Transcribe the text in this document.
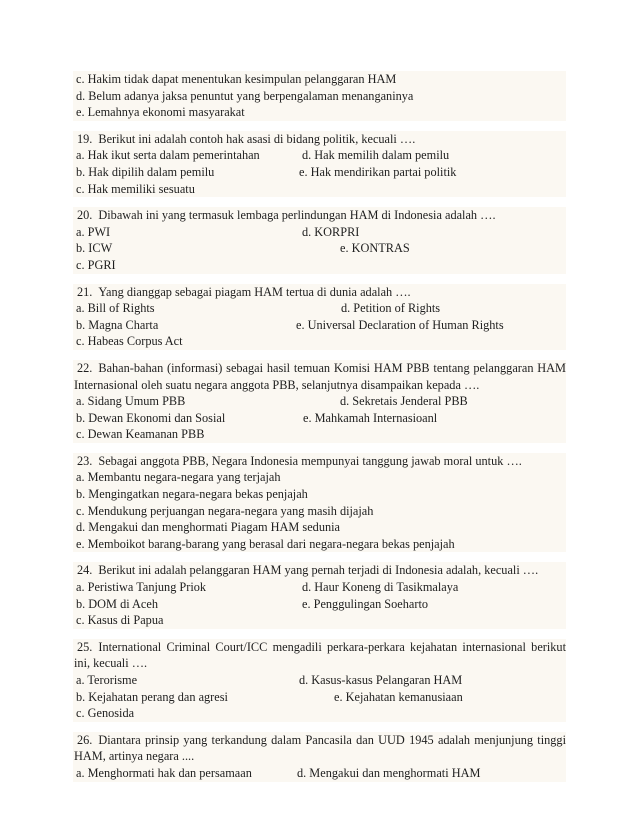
c. Hakim tidak dapat menentukan kesimpulan pelanggaran HAM
d. Belum adanya jaksa penuntut yang berpengalaman menanganinya
e. Lemahnya ekonomi masyarakat
19. Berikut ini adalah contoh hak asasi di bidang politik, kecuali ….
a. Hak ikut serta dalam pemerintahan	d. Hak memilih dalam pemilu
b. Hak dipilih dalam pemilu	e. Hak mendirikan partai politik
c. Hak memiliki sesuatu
20. Dibawah ini yang termasuk lembaga perlindungan HAM di Indonesia adalah ….
a. PWI	d. KORPRI
b. ICW	e. KONTRAS
c. PGRI
21. Yang dianggap sebagai piagam HAM tertua di dunia adalah ….
a. Bill of Rights	d. Petition of Rights
b. Magna Charta	e. Universal Declaration of Human Rights
c. Habeas Corpus Act
22. Bahan-bahan (informasi) sebagai hasil temuan Komisi HAM PBB tentang pelanggaran HAM Internasional oleh suatu negara anggota PBB, selanjutnya disampaikan kepada ….
a. Sidang Umum PBB	d. Sekretais Jenderal PBB
b. Dewan Ekonomi dan Sosial	e. Mahkamah Internasioanl
c. Dewan Keamanan PBB
23. Sebagai anggota PBB, Negara Indonesia mempunyai tanggung jawab moral untuk ….
a. Membantu negara-negara yang terjajah
b. Mengingatkan negara-negara bekas penjajah
c. Mendukung perjuangan negara-negara yang masih dijajah
d. Mengakui dan menghormati Piagam HAM sedunia
e. Memboikot barang-barang yang berasal dari negara-negara bekas penjajah
24. Berikut ini adalah pelanggaran HAM yang pernah terjadi di Indonesia adalah, kecuali ….
a. Peristiwa Tanjung Priok	d. Haur Koneng di Tasikmalaya
b. DOM di Aceh	e. Penggulingan Soeharto
c. Kasus di Papua
25. International Criminal Court/ICC mengadili perkara-perkara kejahatan internasional berikut ini, kecuali ….
a. Terorisme	d. Kasus-kasus Pelangaran HAM
b. Kejahatan perang dan agresi	e. Kejahatan kemanusiaan
c. Genosida
26. Diantara prinsip yang terkandung dalam Pancasila dan UUD 1945 adalah menjunjung tinggi HAM, artinya negara ....
a. Menghormati hak dan persamaan	d. Mengakui dan menghormati HAM
